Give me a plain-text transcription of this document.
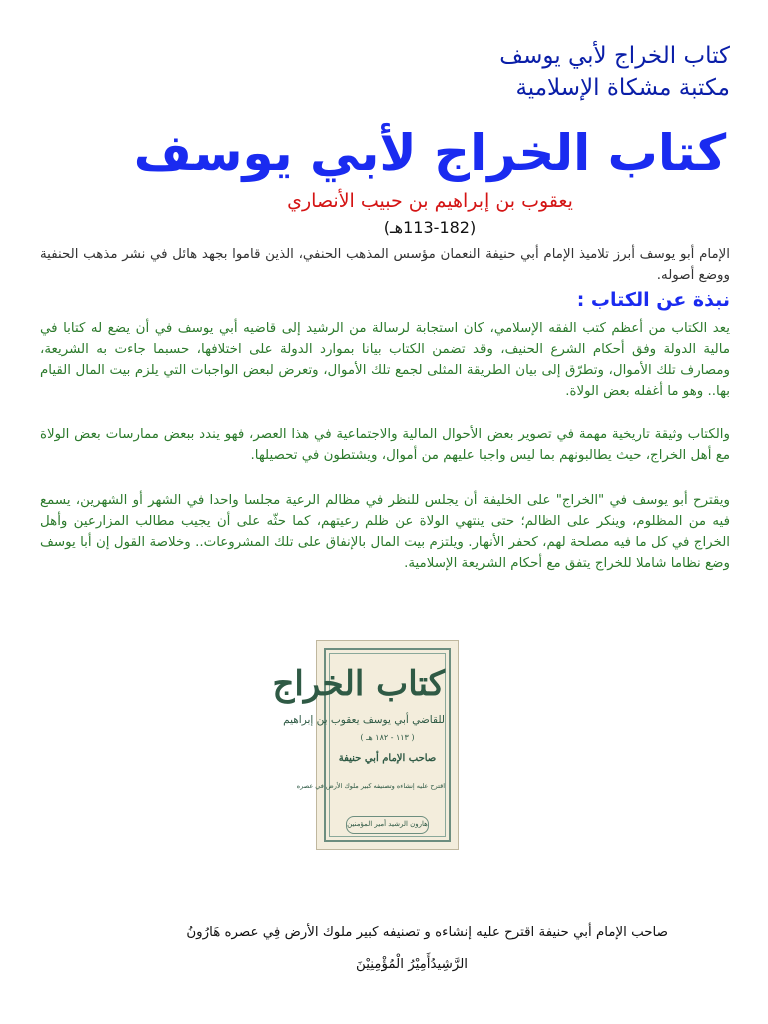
كتاب الخراج لأبي يوسف
مكتبة مشكاة الإسلامية
كتاب الخراج لأبي يوسف
يعقوب بن إبراهيم بن حبيب الأنصاري
(113-182هـ)
الإمام أبو يوسف أبرز تلاميذ الإمام أبي حنيفة النعمان مؤسس المذهب الحنفي، الذين قاموا بجهد هائل في نشر مذهب الحنفية ووضع أصوله.
نبذة عن الكتاب :
يعد الكتاب من أعظم كتب الفقه الإسلامي، كان استجابة لرسالة من الرشيد إلى قاضيه أبي يوسف في أن يضع له كتابا في مالية الدولة وفق أحكام الشرع الحنيف، وقد تضمن الكتاب بيانا بموارد الدولة على اختلافها، حسبما جاءت به الشريعة، ومصارف تلك الأموال، وتطرّق إلى بيان الطريقة المثلى لجمع تلك الأموال، وتعرض لبعض الواجبات التي يلزم بيت المال القيام بها.. وهو ما أغفله بعض الولاة.
والكتاب وثيقة تاريخية مهمة في تصوير بعض الأحوال المالية والاجتماعية في هذا العصر، فهو يندد ببعض ممارسات بعض الولاة مع أهل الخراج، حيث يطالبونهم بما ليس واجبا عليهم من أموال، ويشتطون في تحصيلها.
ويقترح أبو يوسف في "الخراج" على الخليفة أن يجلس للنظر في مظالم الرعية مجلسا واحدا في الشهر أو الشهرين، يسمع فيه من المظلوم، وينكر على الظالم؛ حتى ينتهي الولاة عن ظلم رعيتهم، كما حثّه على أن يجيب مطالب المزارعين وأهل الخراج في كل ما فيه مصلحة لهم، كحفر الأنهار. ويلتزم بيت المال بالإنفاق على تلك المشروعات.. وخلاصة القول إن أبا يوسف وضع نظاما شاملا للخراج يتفق مع أحكام الشريعة الإسلامية.
كتاب الخراج
للقاضي أبي يوسف يعقوب بن إبراهيم
( ١١٣ - ١٨٢ هـ )
صاحب الإمام أبي حنيفة
اقترح عليه إنشاءه وتصنيفه كبير ملوك الأرض في عصره
هارون الرشيد أمير المؤمنين
صاحب الإمام أبي حنيفة اقترح عليه إنشاءه و تصنيفه كبير ملوك الأرض فِي عصره هَارُونُ
الرَّشِيدُأَمِيْرُ الْمُؤْمِنِيْنَ
